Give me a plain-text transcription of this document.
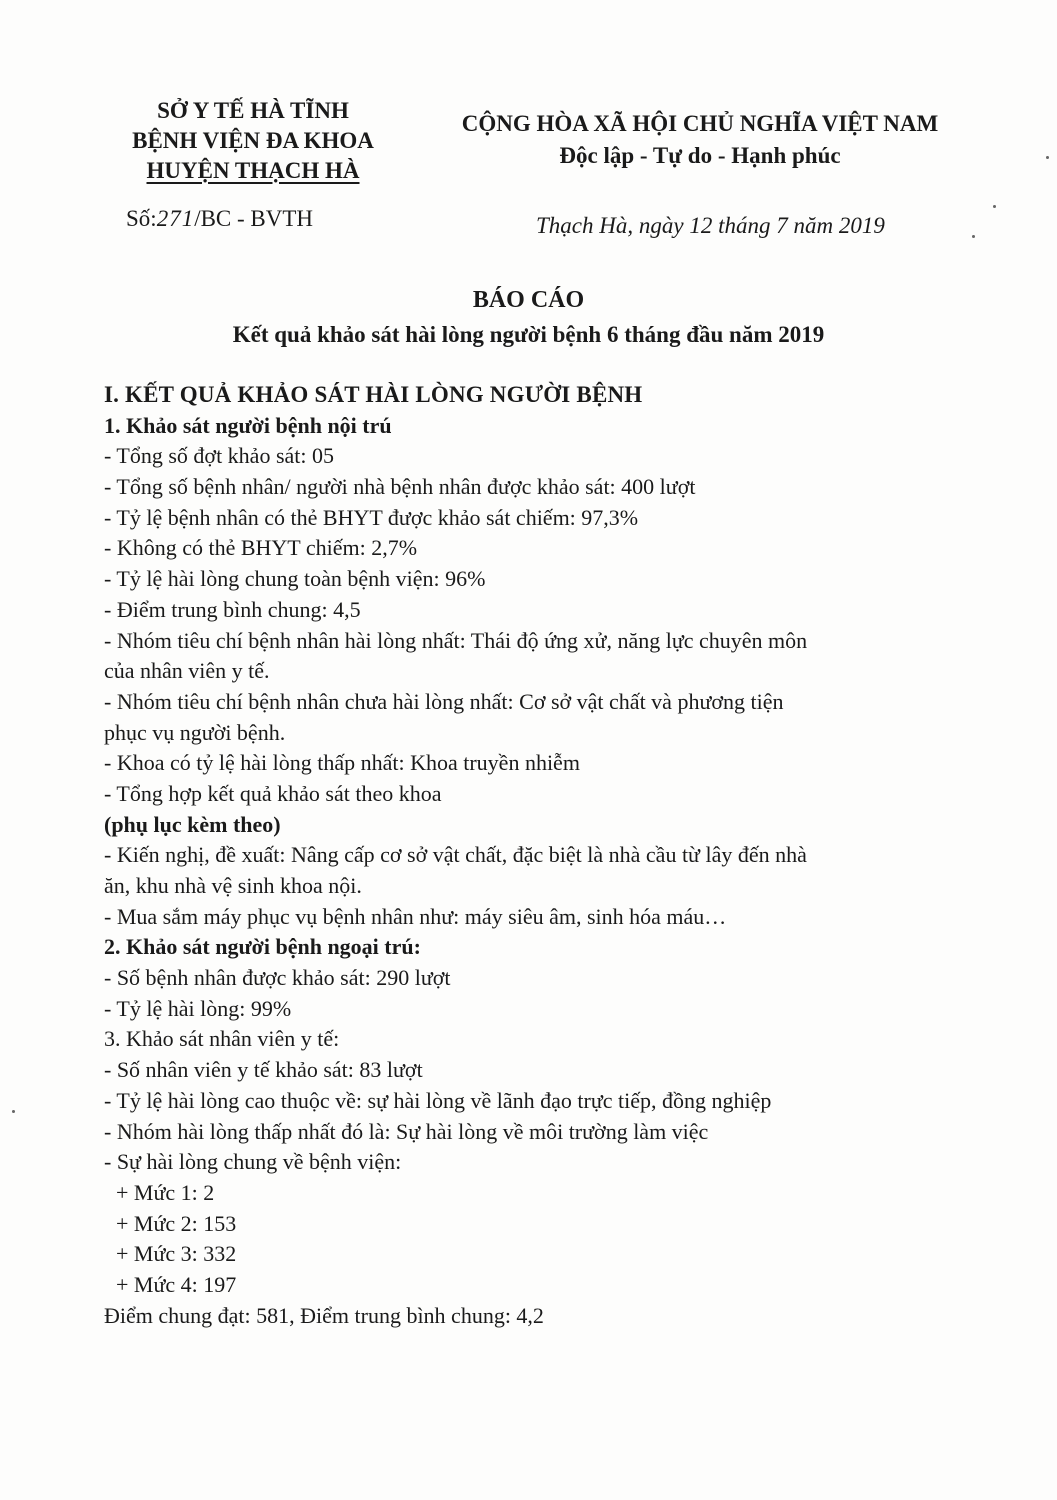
SỞ Y TẾ HÀ TĨNH
BỆNH VIỆN ĐA KHOA
HUYỆN THẠCH HÀ
CỘNG HÒA XÃ HỘI CHỦ NGHĨA VIỆT NAM
Độc lập - Tự do - Hạnh phúc
Số:271/BC - BVTH	Thạch Hà, ngày 12 tháng 7 năm 2019
BÁO CÁO
Kết quả khảo sát hài lòng người bệnh 6 tháng đầu năm 2019
I. KẾT QUẢ KHẢO SÁT HÀI LÒNG NGƯỜI BỆNH
1. Khảo sát người bệnh nội trú
- Tổng số đợt khảo sát: 05
- Tổng số bệnh nhân/ người nhà bệnh nhân được khảo sát: 400 lượt
- Tỷ lệ bệnh nhân có thẻ BHYT được khảo sát chiếm: 97,3%
- Không có thẻ BHYT chiếm: 2,7%
- Tỷ lệ hài lòng chung toàn bệnh viện: 96%
- Điểm trung bình chung: 4,5
- Nhóm tiêu chí bệnh nhân hài lòng nhất: Thái độ ứng xử, năng lực chuyên môn
của nhân viên y tế.
- Nhóm tiêu chí bệnh nhân chưa hài lòng nhất: Cơ sở vật chất và phương tiện
phục vụ người bệnh.
- Khoa có tỷ lệ hài lòng thấp nhất: Khoa truyền nhiễm
- Tổng hợp kết quả khảo sát theo khoa
(phụ lục kèm theo)
- Kiến nghị, đề xuất: Nâng cấp cơ sở vật chất, đặc biệt là nhà cầu từ lây đến nhà
ăn, khu nhà vệ sinh khoa nội.
- Mua sắm máy phục vụ bệnh nhân như: máy siêu âm, sinh hóa máu…
2. Khảo sát người bệnh ngoại trú:
- Số bệnh nhân được khảo sát: 290 lượt
- Tỷ lệ hài lòng: 99%
3. Khảo sát nhân viên y tế:
- Số nhân viên y tế khảo sát: 83 lượt
- Tỷ lệ hài lòng cao thuộc về: sự hài lòng về lãnh đạo trực tiếp, đồng nghiệp
- Nhóm hài lòng thấp nhất đó là: Sự hài lòng về môi trường làm việc
- Sự hài lòng chung về bệnh viện:
+ Mức 1: 2
+ Mức 2: 153
+ Mức 3: 332
+ Mức 4: 197
Điểm chung đạt: 581, Điểm trung bình chung: 4,2
